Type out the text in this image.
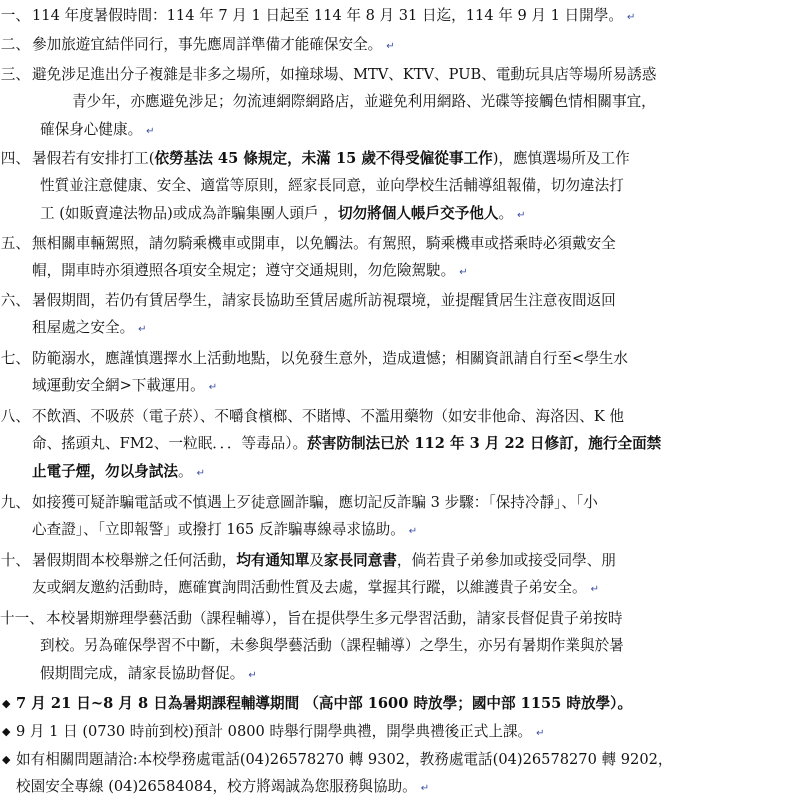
一、 114 年度暑假時間：114 年 7 月 1 日起至 114 年 8 月 31 日迄，114 年 9 月 1 日開學。 ↵
二、 參加旅遊宜結伴同行，事先應周詳準備才能確保安全。 ↵
三、 避免涉足進出分子複雜是非多之場所，如撞球場、MTV、KTV、PUB、電動玩具店等場所易誘惑
青少年，亦應避免涉足；勿流連網際網路店，並避免利用網路、光碟等接觸色情相關事宜，
確保身心健康。 ↵
四、 暑假若有安排打工(依勞基法 45 條規定，未滿 15 歲不得受僱從事工作)，應慎選場所及工作
性質並注意健康、安全、適當等原則，經家長同意，並向學校生活輔導組報備，切勿違法打
工 (如販賣違法物品)或成為詐騙集團人頭戶 ，切勿將個人帳戶交予他人。 ↵
五、 無相關車輛駕照，請勿騎乘機車或開車，以免觸法。有駕照，騎乘機車或搭乘時必須戴安全
帽，開車時亦須遵照各項安全規定；遵守交通規則，勿危險駕駛。 ↵
六、 暑假期間，若仍有賃居學生，請家長協助至賃居處所訪視環境，並提醒賃居生注意夜間返回
租屋處之安全。 ↵
七、 防範溺水，應謹慎選擇水上活動地點，以免發生意外，造成遺憾；相關資訊請自行至<學生水
域運動安全網>下載運用。 ↵
八、 不飲酒、不吸菸（電子菸）、不嚼食檳榔、不賭博、不濫用藥物（如安非他命、海洛因、K 他
命、搖頭丸、FM2、一粒眠．．．等毒品）。菸害防制法已於 112 年 3 月 22 日修訂，施行全面禁
止電子煙，勿以身試法。 ↵
九、 如接獲可疑詐騙電話或不慎遇上歹徒意圖詐騙，應切記反詐騙 3 步驟：「保持冷靜」、「小
心查證」、「立即報警」或撥打 165 反詐騙專線尋求協助。 ↵
十、 暑假期間本校舉辦之任何活動，均有通知單及家長同意書，倘若貴子弟參加或接受同學、朋
友或網友邀約活動時，應確實詢問活動性質及去處，掌握其行蹤，以維護貴子弟安全。 ↵
十一、 本校暑期辦理學藝活動（課程輔導），旨在提供學生多元學習活動，請家長督促貴子弟按時
到校。另為確保學習不中斷，未參與學藝活動（課程輔導）之學生，亦另有暑期作業與於暑
假期間完成，請家長協助督促。 ↵
◆ 7 月 21 日~8 月 8 日為暑期課程輔導期間 （高中部 1600 時放學；國中部 1155 時放學）。
◆ 9 月 1 日 (0730 時前到校)預計 0800 時舉行開學典禮，開學典禮後正式上課。 ↵
◆ 如有相關問題請洽:本校學務處電話(04)26578270 轉 9302，教務處電話(04)26578270 轉 9202，
校園安全專線 (04)26584084，校方將竭誠為您服務與協助。 ↵
